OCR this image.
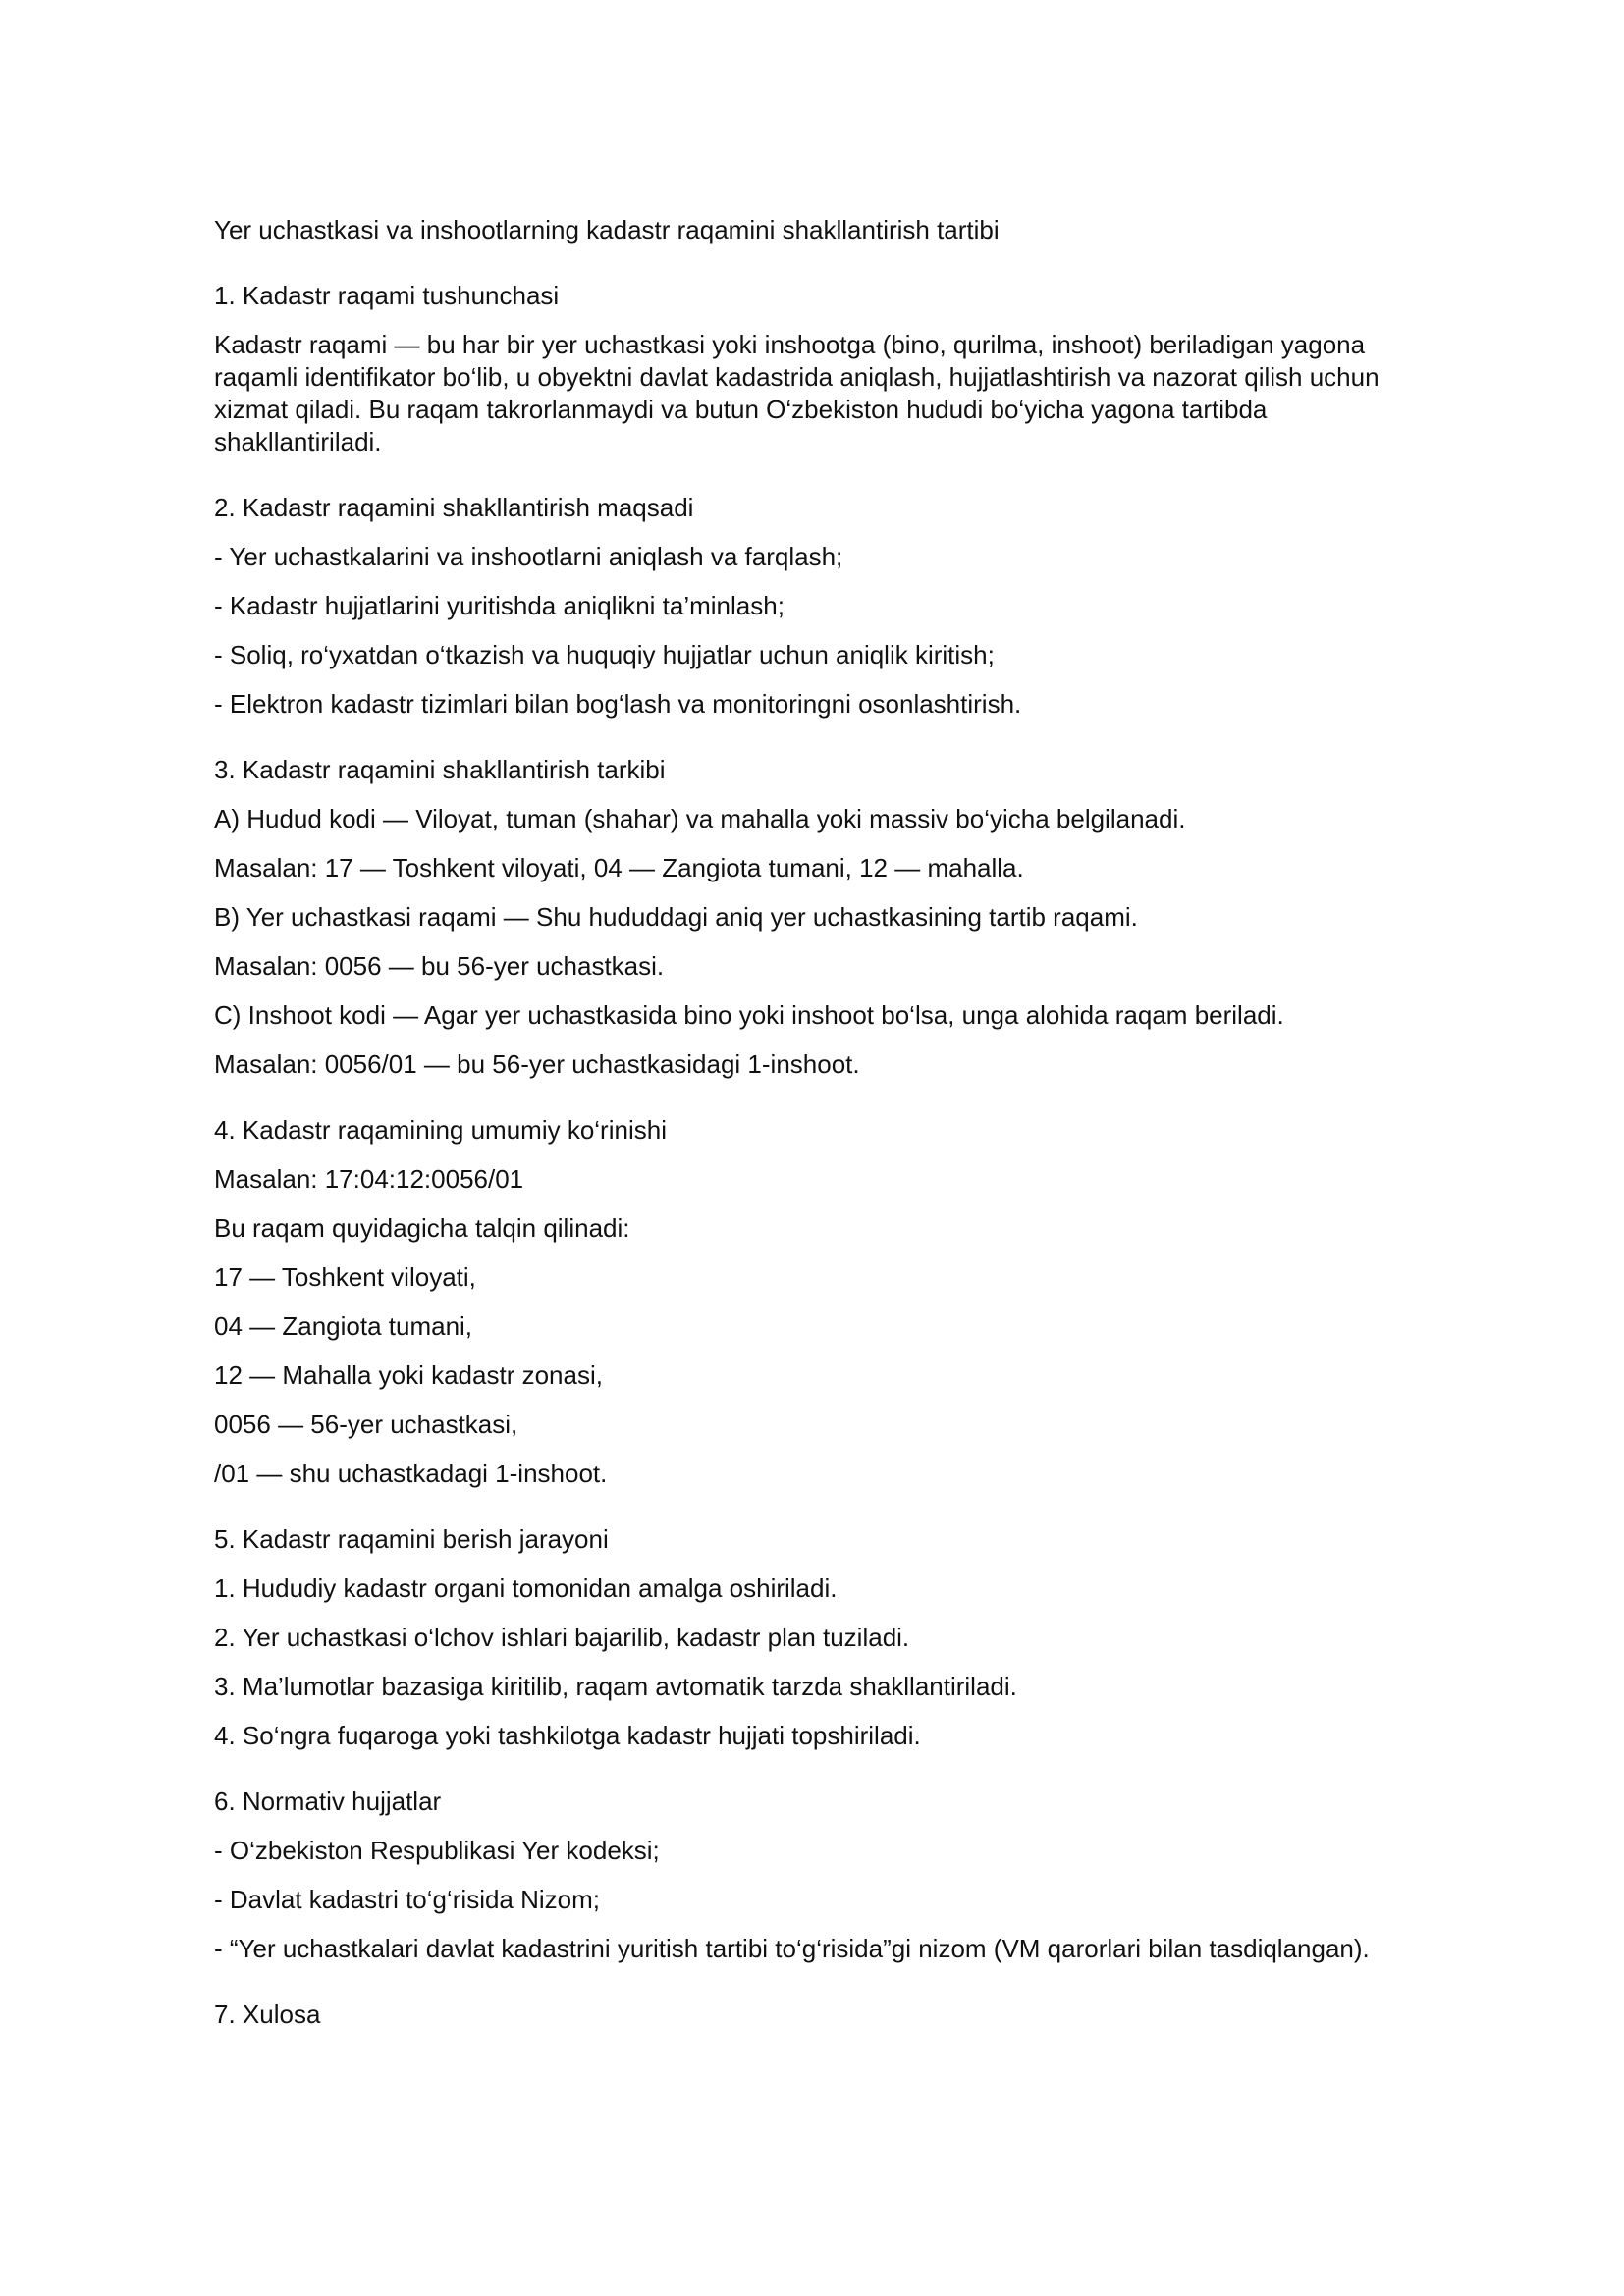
Yer uchastkasi va inshootlarning kadastr raqamini shakllantirish tartibi
1. Kadastr raqami tushunchasi
Kadastr raqami — bu har bir yer uchastkasi yoki inshootga (bino, qurilma, inshoot) beriladigan yagona raqamli identifikator bo‘lib, u obyektni davlat kadastrida aniqlash, hujjatlashtirish va nazorat qilish uchun xizmat qiladi. Bu raqam takrorlanmaydi va butun O‘zbekiston hududi bo‘yicha yagona tartibda shakllantiriladi.
2. Kadastr raqamini shakllantirish maqsadi
- Yer uchastkalarini va inshootlarni aniqlash va farqlash;
- Kadastr hujjatlarini yuritishda aniqlikni ta’minlash;
- Soliq, ro‘yxatdan o‘tkazish va huquqiy hujjatlar uchun aniqlik kiritish;
- Elektron kadastr tizimlari bilan bog‘lash va monitoringni osonlashtirish.
3. Kadastr raqamini shakllantirish tarkibi
A) Hudud kodi — Viloyat, tuman (shahar) va mahalla yoki massiv bo‘yicha belgilanadi.
Masalan: 17 — Toshkent viloyati, 04 — Zangiota tumani, 12 — mahalla.
B) Yer uchastkasi raqami — Shu hududdagi aniq yer uchastkasining tartib raqami.
Masalan: 0056 — bu 56-yer uchastkasi.
C) Inshoot kodi — Agar yer uchastkasida bino yoki inshoot bo‘lsa, unga alohida raqam beriladi.
Masalan: 0056/01 — bu 56-yer uchastkasidagi 1-inshoot.
4. Kadastr raqamining umumiy ko‘rinishi
Masalan: 17:04:12:0056/01
Bu raqam quyidagicha talqin qilinadi:
17 — Toshkent viloyati,
04 — Zangiota tumani,
12 — Mahalla yoki kadastr zonasi,
0056 — 56-yer uchastkasi,
/01 — shu uchastkadagi 1-inshoot.
5. Kadastr raqamini berish jarayoni
1. Hududiy kadastr organi tomonidan amalga oshiriladi.
2. Yer uchastkasi o‘lchov ishlari bajarilib, kadastr plan tuziladi.
3. Ma’lumotlar bazasiga kiritilib, raqam avtomatik tarzda shakllantiriladi.
4. So‘ngra fuqaroga yoki tashkilotga kadastr hujjati topshiriladi.
6. Normativ hujjatlar
- O‘zbekiston Respublikasi Yer kodeksi;
- Davlat kadastri to‘g‘risida Nizom;
- “Yer uchastkalari davlat kadastrini yuritish tartibi to‘g‘risida”gi nizom (VM qarorlari bilan tasdiqlangan).
7. Xulosa
